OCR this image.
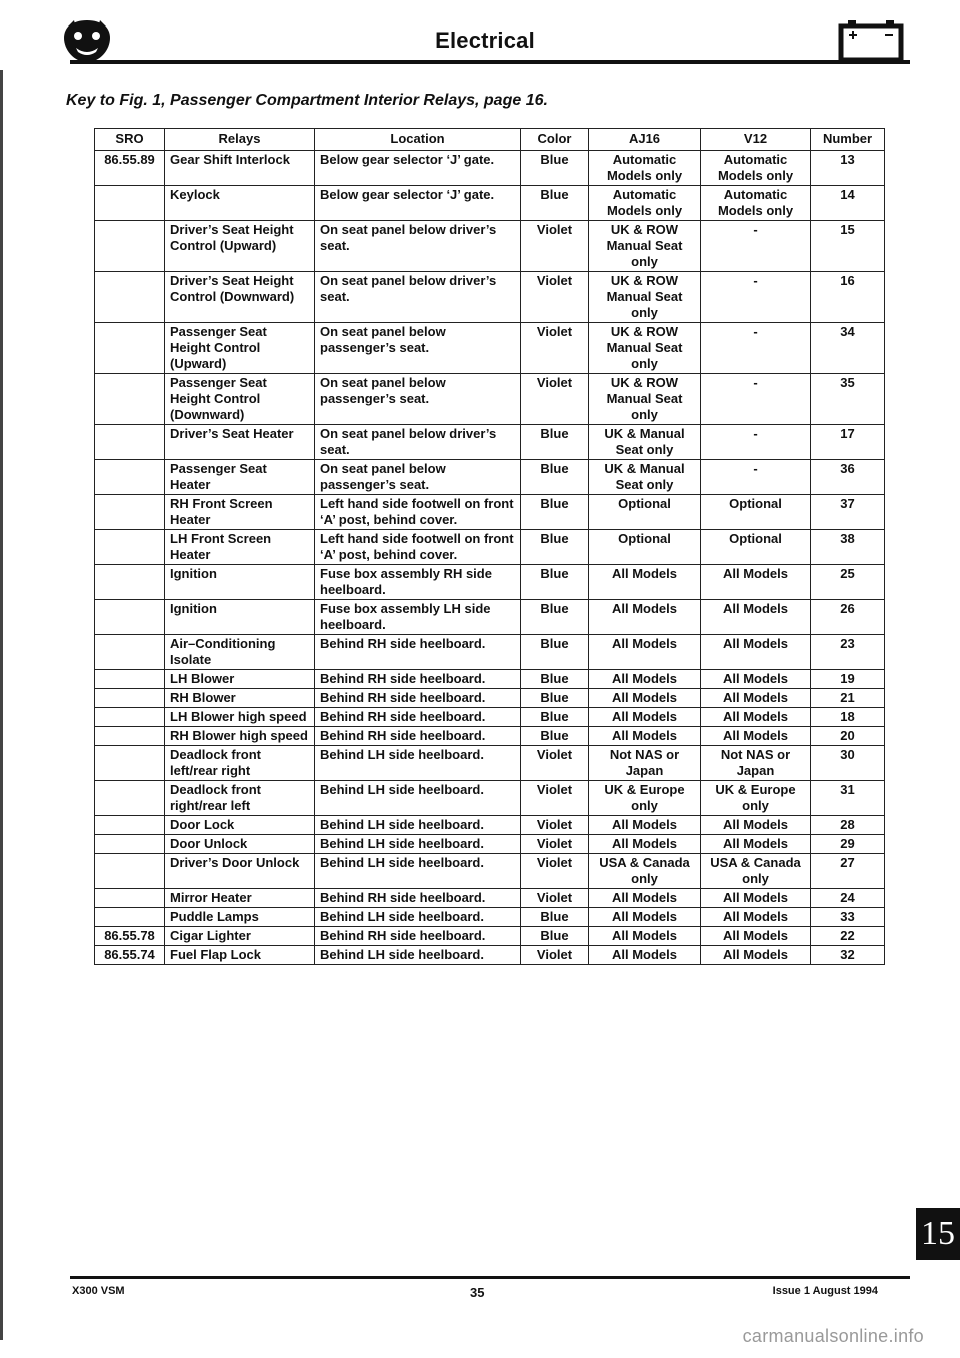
Electrical
Key to Fig. 1, Passenger Compartment Interior Relays, page 16.
SRO	Relays	Location	Color	AJ16	V12	Number
86.55.89	Gear Shift Interlock	Below gear selector ‘J’ gate.	Blue	Automatic Models only	Automatic Models only	13
	Keylock	Below gear selector ‘J’ gate.	Blue	Automatic Models only	Automatic Models only	14
	Driver’s Seat Height Control (Upward)	On seat panel below driver’s seat.	Violet	UK & ROW Manual Seat only	-	15
	Driver’s Seat Height Control (Downward)	On seat panel below driver’s seat.	Violet	UK & ROW Manual Seat only	-	16
	Passenger Seat Height Control (Upward)	On seat panel below passenger’s seat.	Violet	UK & ROW Manual Seat only	-	34
	Passenger Seat Height Control (Downward)	On seat panel below passenger’s seat.	Violet	UK & ROW Manual Seat only	-	35
	Driver’s Seat Heater	On seat panel below driver’s seat.	Blue	UK & Manual Seat only	-	17
	Passenger Seat Heater	On seat panel below passenger’s seat.	Blue	UK & Manual Seat only	-	36
	RH Front Screen Heater	Left hand side footwell on front ‘A’ post, behind cover.	Blue	Optional	Optional	37
	LH Front Screen Heater	Left hand side footwell on front ‘A’ post, behind cover.	Blue	Optional	Optional	38
	Ignition	Fuse box assembly RH side heelboard.	Blue	All Models	All Models	25
	Ignition	Fuse box assembly LH side heelboard.	Blue	All Models	All Models	26
	Air–Conditioning Isolate	Behind RH side heelboard.	Blue	All Models	All Models	23
	LH Blower	Behind RH side heelboard.	Blue	All Models	All Models	19
	RH Blower	Behind RH side heelboard.	Blue	All Models	All Models	21
	LH Blower high speed	Behind RH side heelboard.	Blue	All Models	All Models	18
	RH Blower high speed	Behind RH side heelboard.	Blue	All Models	All Models	20
	Deadlock front left/rear right	Behind LH side heelboard.	Violet	Not NAS or Japan	Not NAS or Japan	30
	Deadlock front right/rear left	Behind LH side heelboard.	Violet	UK & Europe only	UK & Europe only	31
	Door Lock	Behind LH side heelboard.	Violet	All Models	All Models	28
	Door Unlock	Behind LH side heelboard.	Violet	All Models	All Models	29
	Driver’s Door Unlock	Behind LH side heelboard.	Violet	USA & Canada only	USA & Canada only	27
	Mirror Heater	Behind RH side heelboard.	Violet	All Models	All Models	24
	Puddle Lamps	Behind LH side heelboard.	Blue	All Models	All Models	33
86.55.78	Cigar Lighter	Behind RH side heelboard.	Blue	All Models	All Models	22
86.55.74	Fuel Flap Lock	Behind LH side heelboard.	Violet	All Models	All Models	32
15
X300 VSM	35	Issue 1 August 1994
carmanualsonline.info
